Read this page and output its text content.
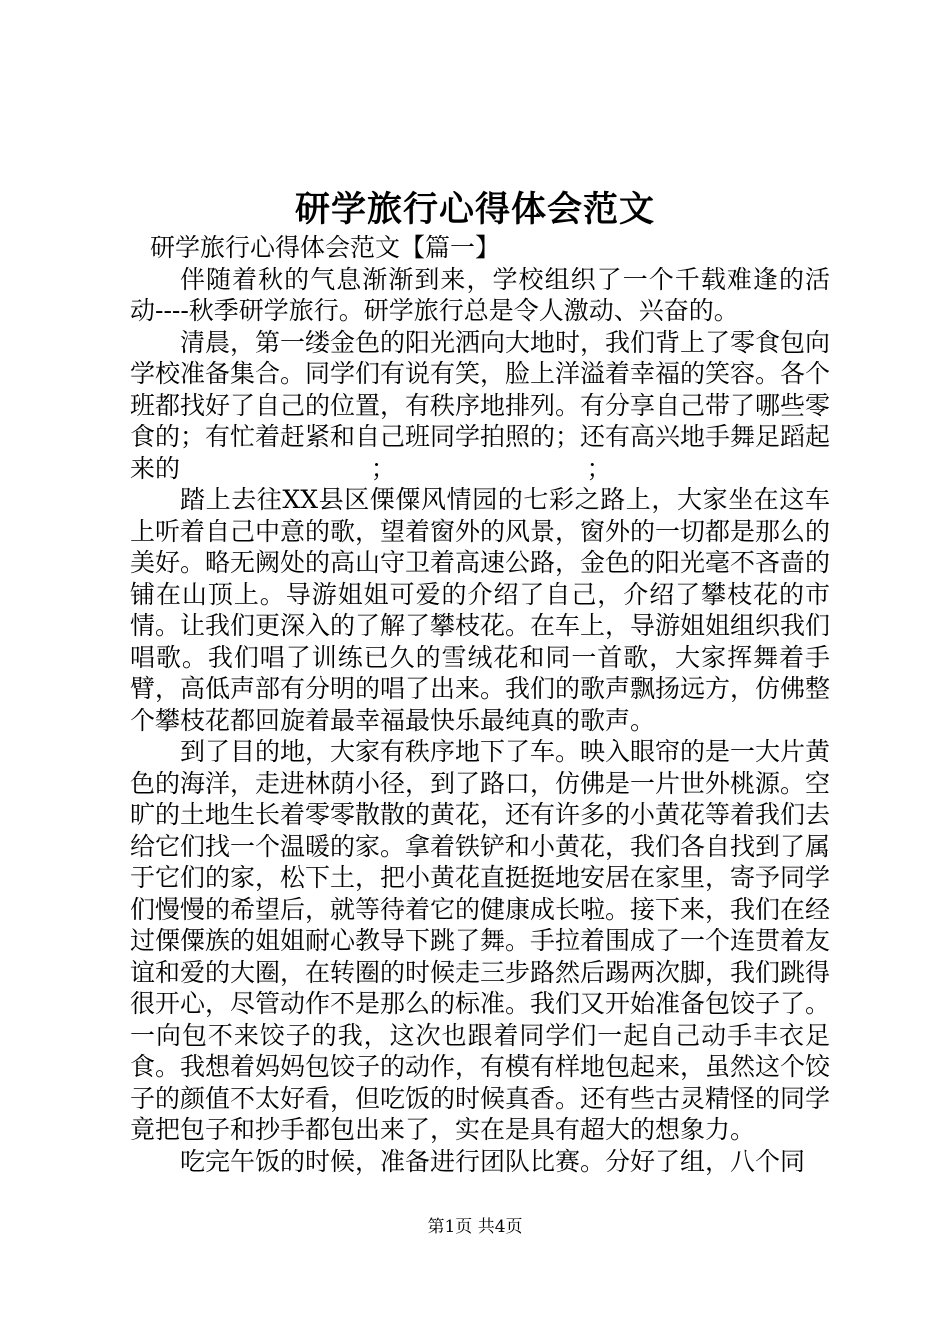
研学旅行心得体会范文

研学旅行心得体会范文【篇一】

伴随着秋的气息渐渐到来，学校组织了一个千载难逢的活动----秋季研学旅行。研学旅行总是令人激动、兴奋的。

清晨，第一缕金色的阳光洒向大地时，我们背上了零食包向学校准备集合。同学们有说有笑，脸上洋溢着幸福的笑容。各个班都找好了自己的位置，有秩序地排列。有分享自己带了哪些零食的；有忙着赶紧和自己班同学拍照的；还有高兴地手舞足蹈起来的                        ；                        ；

踏上去往XX县区傈僳风情园的七彩之路上，大家坐在这车上听着自己中意的歌，望着窗外的风景，窗外的一切都是那么的美好。略无阙处的高山守卫着高速公路，金色的阳光毫不吝啬的铺在山顶上。导游姐姐可爱的介绍了自己，介绍了攀枝花的市情。让我们更深入的了解了攀枝花。在车上，导游姐姐组织我们唱歌。我们唱了训练已久的雪绒花和同一首歌，大家挥舞着手臂，高低声部有分明的唱了出来。我们的歌声飘扬远方，仿佛整个攀枝花都回旋着最幸福最快乐最纯真的歌声。

到了目的地，大家有秩序地下了车。映入眼帘的是一大片黄色的海洋，走进林荫小径，到了路口，仿佛是一片世外桃源。空旷的土地生长着零零散散的黄花，还有许多的小黄花等着我们去给它们找一个温暖的家。拿着铁铲和小黄花，我们各自找到了属于它们的家，松下土，把小黄花直挺挺地安居在家里，寄予同学们慢慢的希望后，就等待着它的健康成长啦。接下来，我们在经过傈僳族的姐姐耐心教导下跳了舞。手拉着围成了一个连贯着友谊和爱的大圈，在转圈的时候走三步路然后踢两次脚，我们跳得很开心，尽管动作不是那么的标准。我们又开始准备包饺子了。一向包不来饺子的我，这次也跟着同学们一起自己动手丰衣足食。我想着妈妈包饺子的动作，有模有样地包起来，虽然这个饺子的颜值不太好看，但吃饭的时候真香。还有些古灵精怪的同学竟把包子和抄手都包出来了，实在是具有超大的想象力。

吃完午饭的时候，准备进行团队比赛。分好了组，八个同

第1页 共4页
